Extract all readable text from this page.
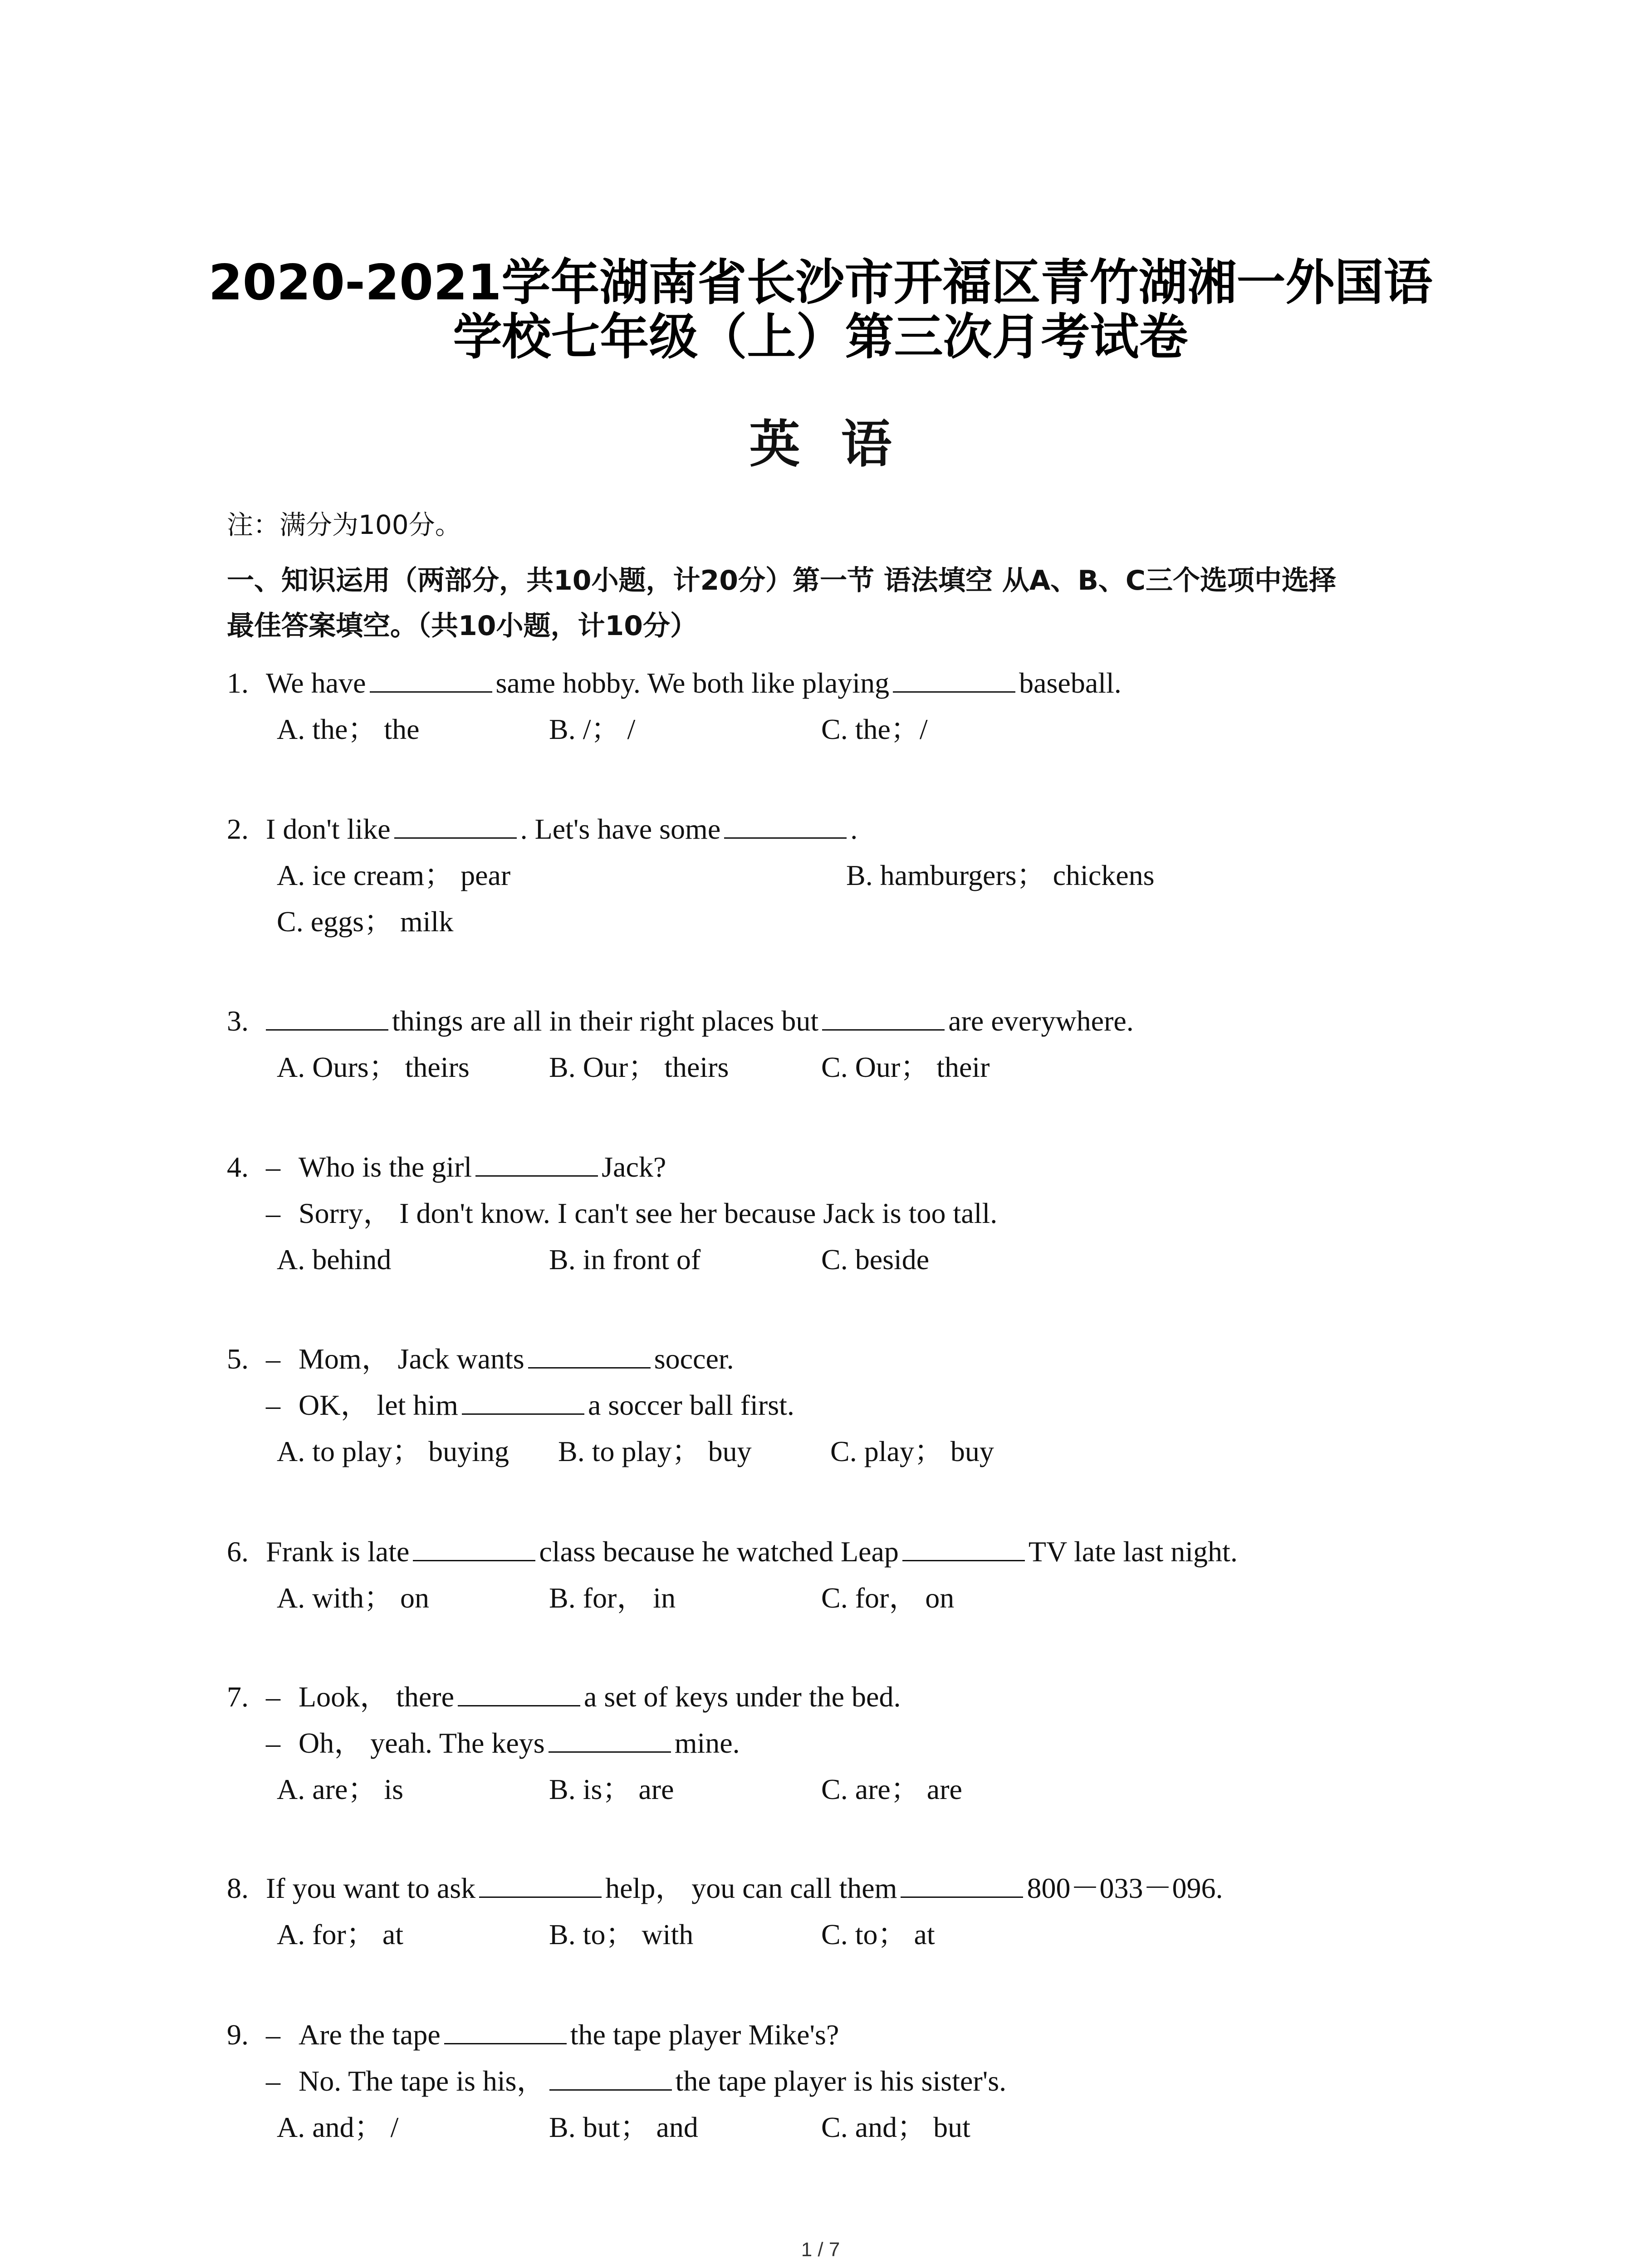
2020-2021学年湖南省长沙市开福区青竹湖湘一外国语
学校七年级（上）第三次月考试卷
英语
注：满分为100分。
一、知识运用（两部分，共10小题，计20分）第一节 语法填空 从A、B、C三个选项中选择
最佳答案填空。（共10小题，计10分）
1. We have	same hobby. We both like playing	baseball.
A. the； the	B. /； /	C. the；/
2. I don't like	. Let's have some	.
A. ice cream； pear	B. hamburgers； chickens
C. eggs； milk
3.	things are all in their right places but	are everywhere.
A. Ours； theirs	B. Our； theirs	C. Our； their
4. – Who is the girl	Jack?
– Sorry， I don't know. I can't see her because Jack is too tall.
A. behind	B. in front of	C. beside
5. – Mom， Jack wants	soccer.
– OK， let him	a soccer ball first.
A. to play； buying B. to play； buy	C. play； buy
6. Frank is late	class because he watched Leap	TV late last night.
A. with； on	B. for， in	C. for， on
7. – Look， there	a set of keys under the bed.
– Oh， yeah. The keys	mine.
A. are； is	B. is； are	C. are； are
8. If you want to ask	help， you can call them	800－033－096.
A. for； at	B. to； with	C. to； at
9. – Are the tape	the tape player Mike's?
– No. The tape is his，	the tape player is his sister's.
A. and； /	B. but； and	C. and； but
1 / 7
